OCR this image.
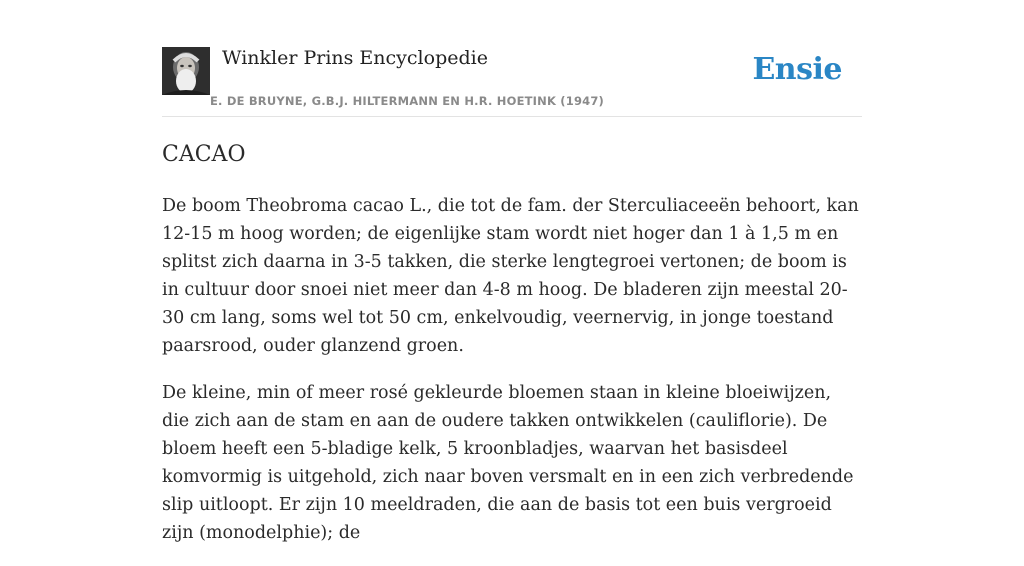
Winkler Prins Encyclopedie
E. DE BRUYNE, G.B.J. HILTERMANN EN H.R. HOETINK (1947)
Ensie
CACAO

De boom Theobroma cacao L., die tot de fam. der Sterculiaceeën behoort, kan 12-15 m hoog worden; de eigenlijke stam wordt niet hoger dan 1 à 1,5 m en splitst zich daarna in 3-5 takken, die sterke lengtegroei vertonen; de boom is in cultuur door snoei niet meer dan 4-8 m hoog. De bladeren zijn meestal 20-30 cm lang, soms wel tot 50 cm, enkelvoudig, veernervig, in jonge toestand paarsrood, ouder glanzend groen.

De kleine, min of meer rosé gekleurde bloemen staan in kleine bloeiwijzen, die zich aan de stam en aan de oudere takken ontwikkelen (cauliflorie). De bloem heeft een 5-bladige kelk, 5 kroonbladjes, waarvan het basisdeel komvormig is uitgehold, zich naar boven versmalt en in een zich verbredende slip uitloopt. Er zijn 10 meeldraden, die aan de basis tot een buis vergroeid zijn (monodelphie); de
